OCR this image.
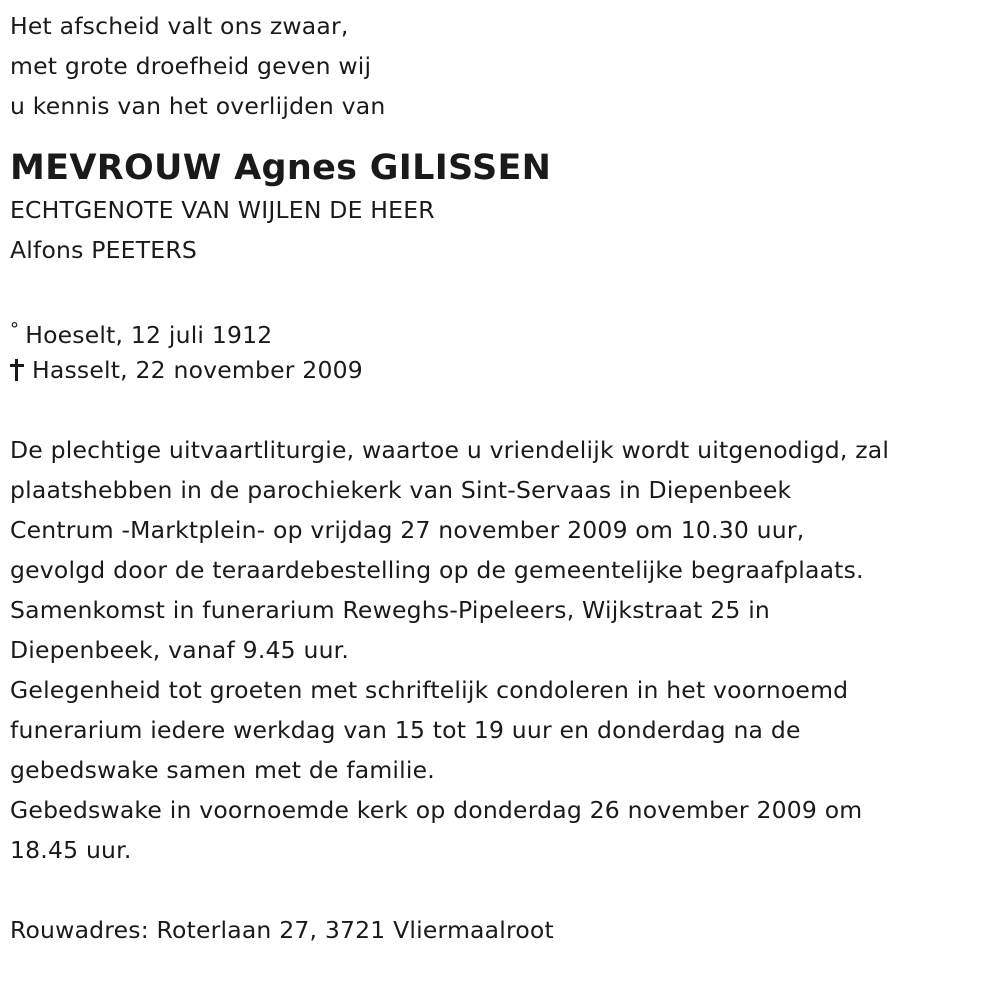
Het afscheid valt ons zwaar,
met grote droefheid geven wij
u kennis van het overlijden van
MEVROUW Agnes GILISSEN
ECHTGENOTE VAN WIJLEN DE HEER
Alfons PEETERS
° Hoeselt, 12 juli 1912
Hasselt, 22 november 2009
De plechtige uitvaartliturgie, waartoe u vriendelijk wordt uitgenodigd, zal
plaatshebben in de parochiekerk van Sint-Servaas in Diepenbeek
Centrum -Marktplein- op vrijdag 27 november 2009 om 10.30 uur,
gevolgd door de teraardebestelling op de gemeentelijke begraafplaats.
Samenkomst in funerarium Reweghs-Pipeleers, Wijkstraat 25 in
Diepenbeek, vanaf 9.45 uur.
Gelegenheid tot groeten met schriftelijk condoleren in het voornoemd
funerarium iedere werkdag van 15 tot 19 uur en donderdag na de
gebedswake samen met de familie.
Gebedswake in voornoemde kerk op donderdag 26 november 2009 om
18.45 uur.
Rouwadres: Roterlaan 27, 3721 Vliermaalroot
